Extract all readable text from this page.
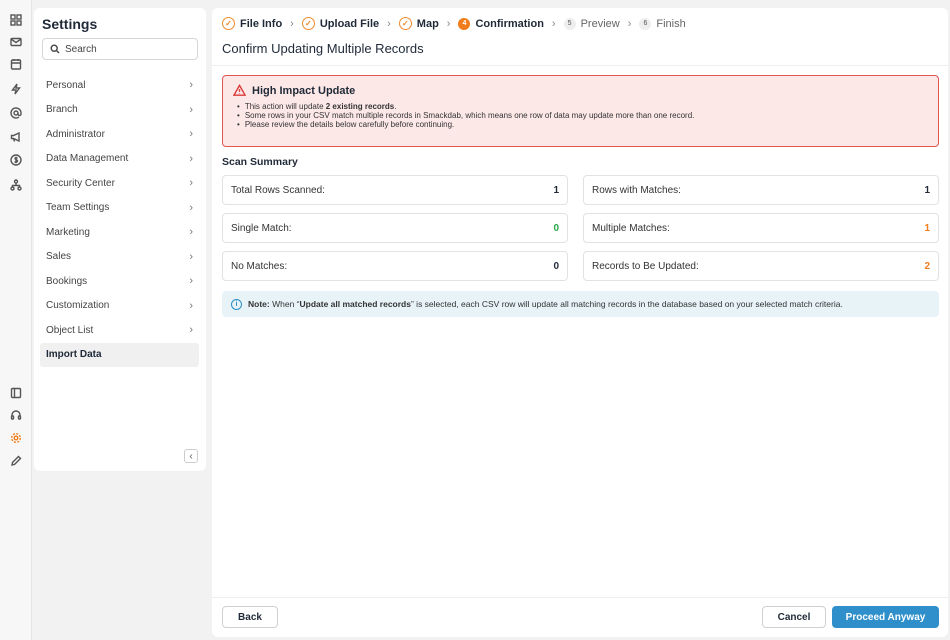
Settings
Search
Personal	›
Branch	›
Administrator	›
Data Management	›
Security Center	›
Team Settings	›
Marketing	›
Sales	›
Bookings	›
Customization	›
Object List	›
Import Data
‹
✓ File Info ›	✓ Upload File ›	✓ Map ›	4 Confirmation ›	5 Preview ›	6 Finish
Confirm Updating Multiple Records
High Impact Update
• This action will update 2 existing records.
• Some rows in your CSV match multiple records in Smackdab, which means one row of data may update more than one record.
• Please review the details below carefully before continuing.
Scan Summary
Total Rows Scanned:	1	Rows with Matches:	1
Single Match:	0	Multiple Matches:	1
No Matches:	0	Records to Be Updated:	2
i	Note: When “Update all matched records” is selected, each CSV row will update all matching records in the database based on your selected match criteria.
Back	Cancel	Proceed Anyway
